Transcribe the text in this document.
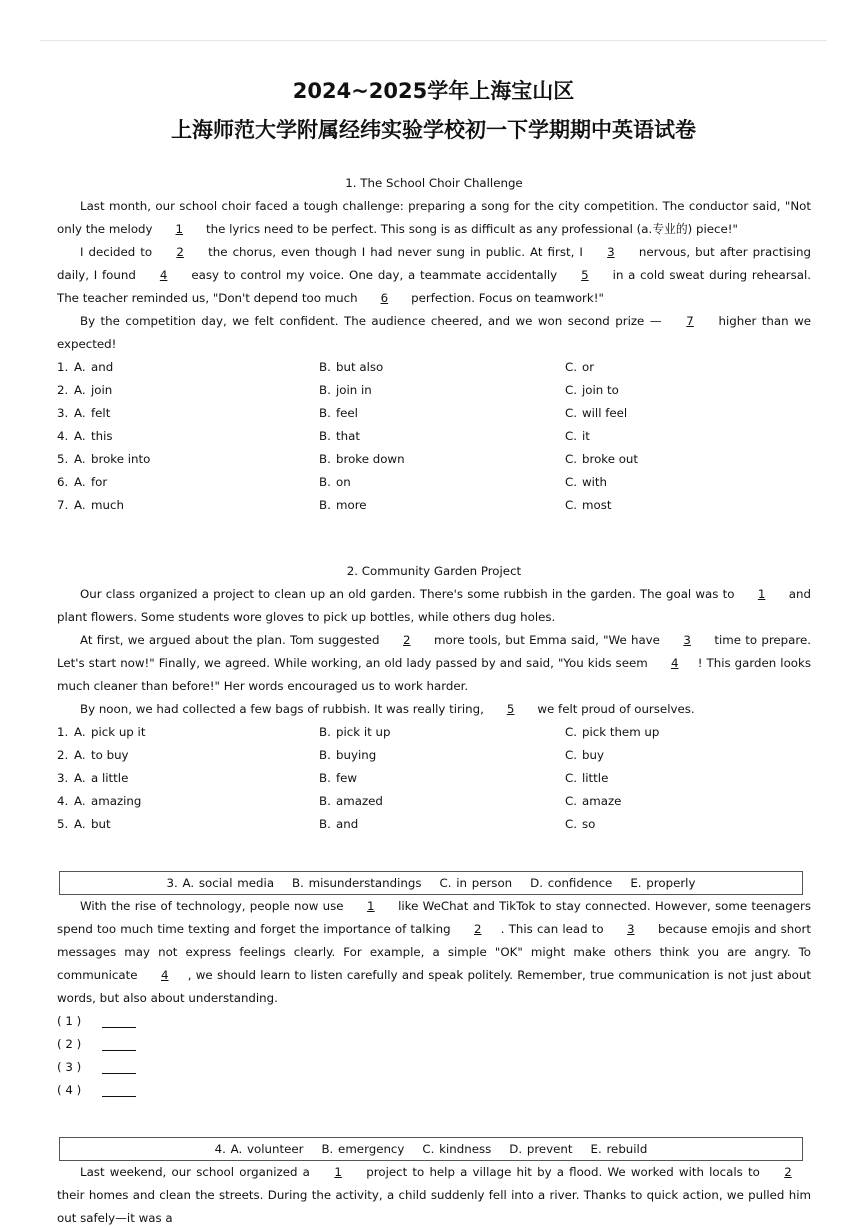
2024~2025学年上海宝山区
上海师范大学附属经纬实验学校初一下学期期中英语试卷
1. The School Choir Challenge
Last month, our school choir faced a tough challenge: preparing a song for the city competition. The conductor said, "Not only the melody 1 the lyrics need to be perfect. This song is as difficult as any professional (a.专业的) piece!"
I decided to 2 the chorus, even though I had never sung in public. At first, I 3 nervous, but after practising daily, I found 4 easy to control my voice. One day, a teammate accidentally 5 in a cold sweat during rehearsal. The teacher reminded us, "Don't depend too much 6 perfection. Focus on teamwork!"
By the competition day, we felt confident. The audience cheered, and we won second prize — 7 higher than we expected!
1. A. and	B. but also	C. or
2. A. join	B. join in	C. join to
3. A. felt	B. feel	C. will feel
4. A. this	B. that	C. it
5. A. broke into	B. broke down	C. broke out
6. A. for	B. on	C. with
7. A. much	B. more	C. most
2. Community Garden Project
Our class organized a project to clean up an old garden. There's some rubbish in the garden. The goal was to 1 and plant flowers. Some students wore gloves to pick up bottles, while others dug holes.
At first, we argued about the plan. Tom suggested 2 more tools, but Emma said, "We have 3 time to prepare. Let's start now!" Finally, we agreed. While working, an old lady passed by and said, "You kids seem 4 ! This garden looks much cleaner than before!" Her words encouraged us to work harder.
By noon, we had collected a few bags of rubbish. It was really tiring, 5 we felt proud of ourselves.
1. A. pick up it	B. pick it up	C. pick them up
2. A. to buy	B. buying	C. buy
3. A. a little	B. few	C. little
4. A. amazing	B. amazed	C. amaze
5. A. but	B. and	C. so
3. A. social media B. misunderstandings C. in person D. confidence E. properly
With the rise of technology, people now use 1 like WeChat and TikTok to stay connected. However, some teenagers spend too much time texting and forget the importance of talking 2 . This can lead to 3 because emojis and short messages may not express feelings clearly. For example, a simple "OK" might make others think you are angry. To communicate 4 , we should learn to listen carefully and speak politely. Remember, true communication is not just about words, but also about understanding.
( 1 )
( 2 )
( 3 )
( 4 )
4. A. volunteer B. emergency C. kindness D. prevent E. rebuild
Last weekend, our school organized a 1 project to help a village hit by a flood. We worked with locals to 2 their homes and clean the streets. During the activity, a child suddenly fell into a river. Thanks to quick action, we pulled him out safely—it was a
